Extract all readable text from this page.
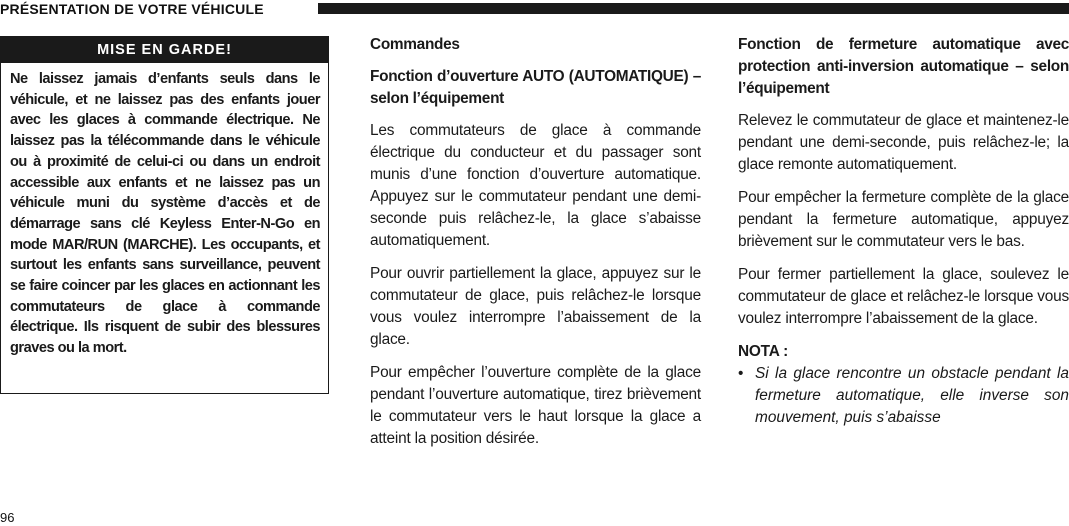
PRÉSENTATION DE VOTRE VÉHICULE
MISE EN GARDE!
Ne laissez jamais d’enfants seuls dans le véhicule, et ne laissez pas des enfants jouer avec les glaces à commande électrique. Ne laissez pas la télécommande dans le véhicule ou à proximité de celui-ci ou dans un endroit accessible aux enfants et ne laissez pas un véhicule muni du système d’accès et de démarrage sans clé Keyless Enter-N-Go en mode MAR/RUN (MARCHE). Les occupants, et surtout les enfants sans surveillance, peuvent se faire coincer par les glaces en actionnant les commutateurs de glace à commande électrique. Ils risquent de subir des blessures graves ou la mort.
Commandes
Fonction d’ouverture AUTO (AUTOMATIQUE) – selon l’équipement

Les commutateurs de glace à commande électrique du conducteur et du passager sont munis d’une fonction d’ouverture automatique. Appuyez sur le commutateur pendant une demi-seconde puis relâchez-le, la glace s’abaisse automatiquement.

Pour ouvrir partiellement la glace, appuyez sur le commutateur de glace, puis relâchez-le lorsque vous voulez interrompre l’abaissement de la glace.

Pour empêcher l’ouverture complète de la glace pendant l’ouverture automatique, tirez brièvement le commutateur vers le haut lorsque la glace a atteint la position désirée.

Fonction de fermeture automatique avec protection anti-inversion automatique – selon l’équipement

Relevez le commutateur de glace et maintenez-le pendant une demi-seconde, puis relâchez-le; la glace remonte automatiquement.

Pour empêcher la fermeture complète de la glace pendant la fermeture automatique, appuyez brièvement sur le commutateur vers le bas.

Pour fermer partiellement la glace, soulevez le commutateur de glace et relâchez-le lorsque vous voulez interrompre l’abaissement de la glace.

NOTA :
• Si la glace rencontre un obstacle pendant la fermeture automatique, elle inverse son mouvement, puis s’abaisse
96
